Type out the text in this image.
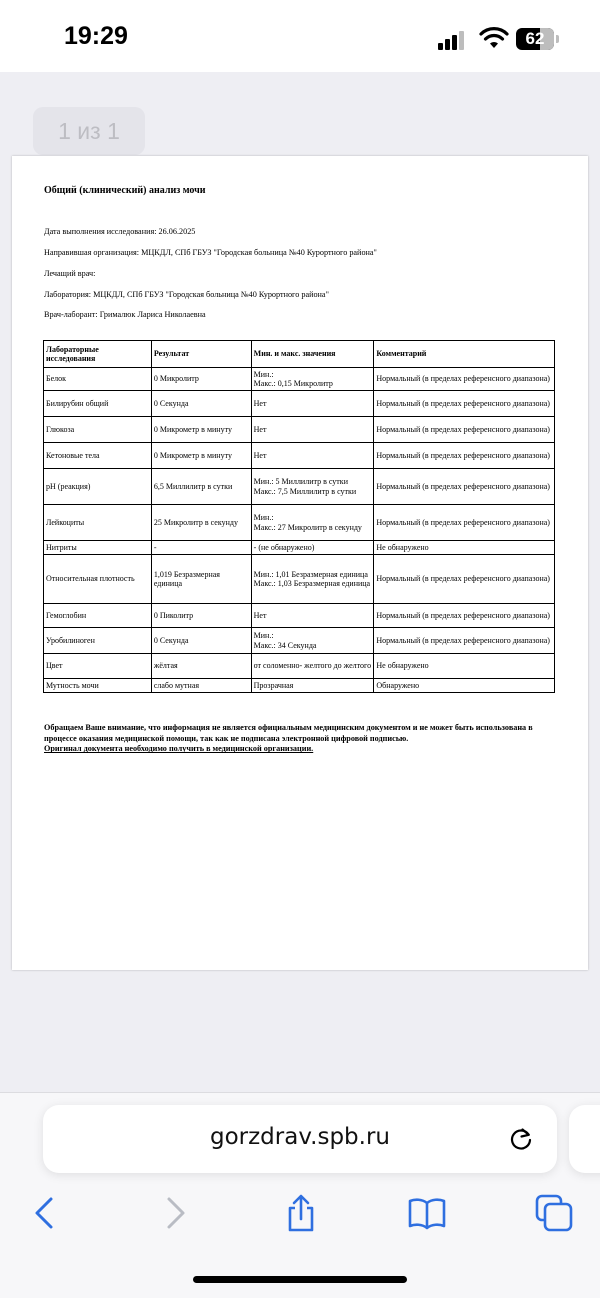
19:29	62
1 из 1
Общий (клинический) анализ мочи
Дата выполнения исследования: 26.06.2025
Направившая организация: МЦКДЛ, СПб ГБУЗ "Городская больница №40 Курортного района"
Лечащий врач:
Лаборатория: МЦКДЛ, СПб ГБУЗ "Городская больница №40 Курортного района"
Врач-лаборант: Грималюк Лариса Николаевна
Лабораторные исследования	Результат	Мин. и макс. значения	Комментарий
Белок	0 Микролитр	Мин.:
Макс.: 0,15 Микролитр	Нормальный (в пределах референсного диапазона)
Билирубин общий	0 Секунда	Нет	Нормальный (в пределах референсного диапазона)
Глюкоза	0 Микрометр в минуту	Нет	Нормальный (в пределах референсного диапазона)
Кетоновые тела	0 Микрометр в минуту	Нет	Нормальный (в пределах референсного диапазона)
pH (реакция)	6,5 Миллилитр в сутки	Мин.: 5 Миллилитр в сутки
Макс.: 7,5 Миллилитр в сутки	Нормальный (в пределах референсного диапазона)
Лейкоциты	25 Микролитр в секунду	Мин.:
Макс.: 27 Микролитр в секунду	Нормальный (в пределах референсного диапазона)
Нитриты	-	- (не обнаружено)	Не обнаружено
Относительная плотность	1,019 Безразмерная единица	Мин.: 1,01 Безразмерная единица
Макс.: 1,03 Безразмерная единица	Нормальный (в пределах референсного диапазона)
Гемоглобин	0 Пиколитр	Нет	Нормальный (в пределах референсного диапазона)
Уробилиноген	0 Секунда	Мин.:
Макс.: 34 Секунда	Нормальный (в пределах референсного диапазона)
Цвет	жёлтая	от соломенно- желтого до желтого	Не обнаружено
Мутность мочи	слабо мутная	Прозрачная	Обнаружено
Обращаем Ваше внимание, что информация не является официальным медицинским документом и не может быть использована в процессе оказания медицинской помощи, так как не подписана электронной цифровой подписью.
Оригинал документа необходимо получить в медицинской организации.
gorzdrav.spb.ru
